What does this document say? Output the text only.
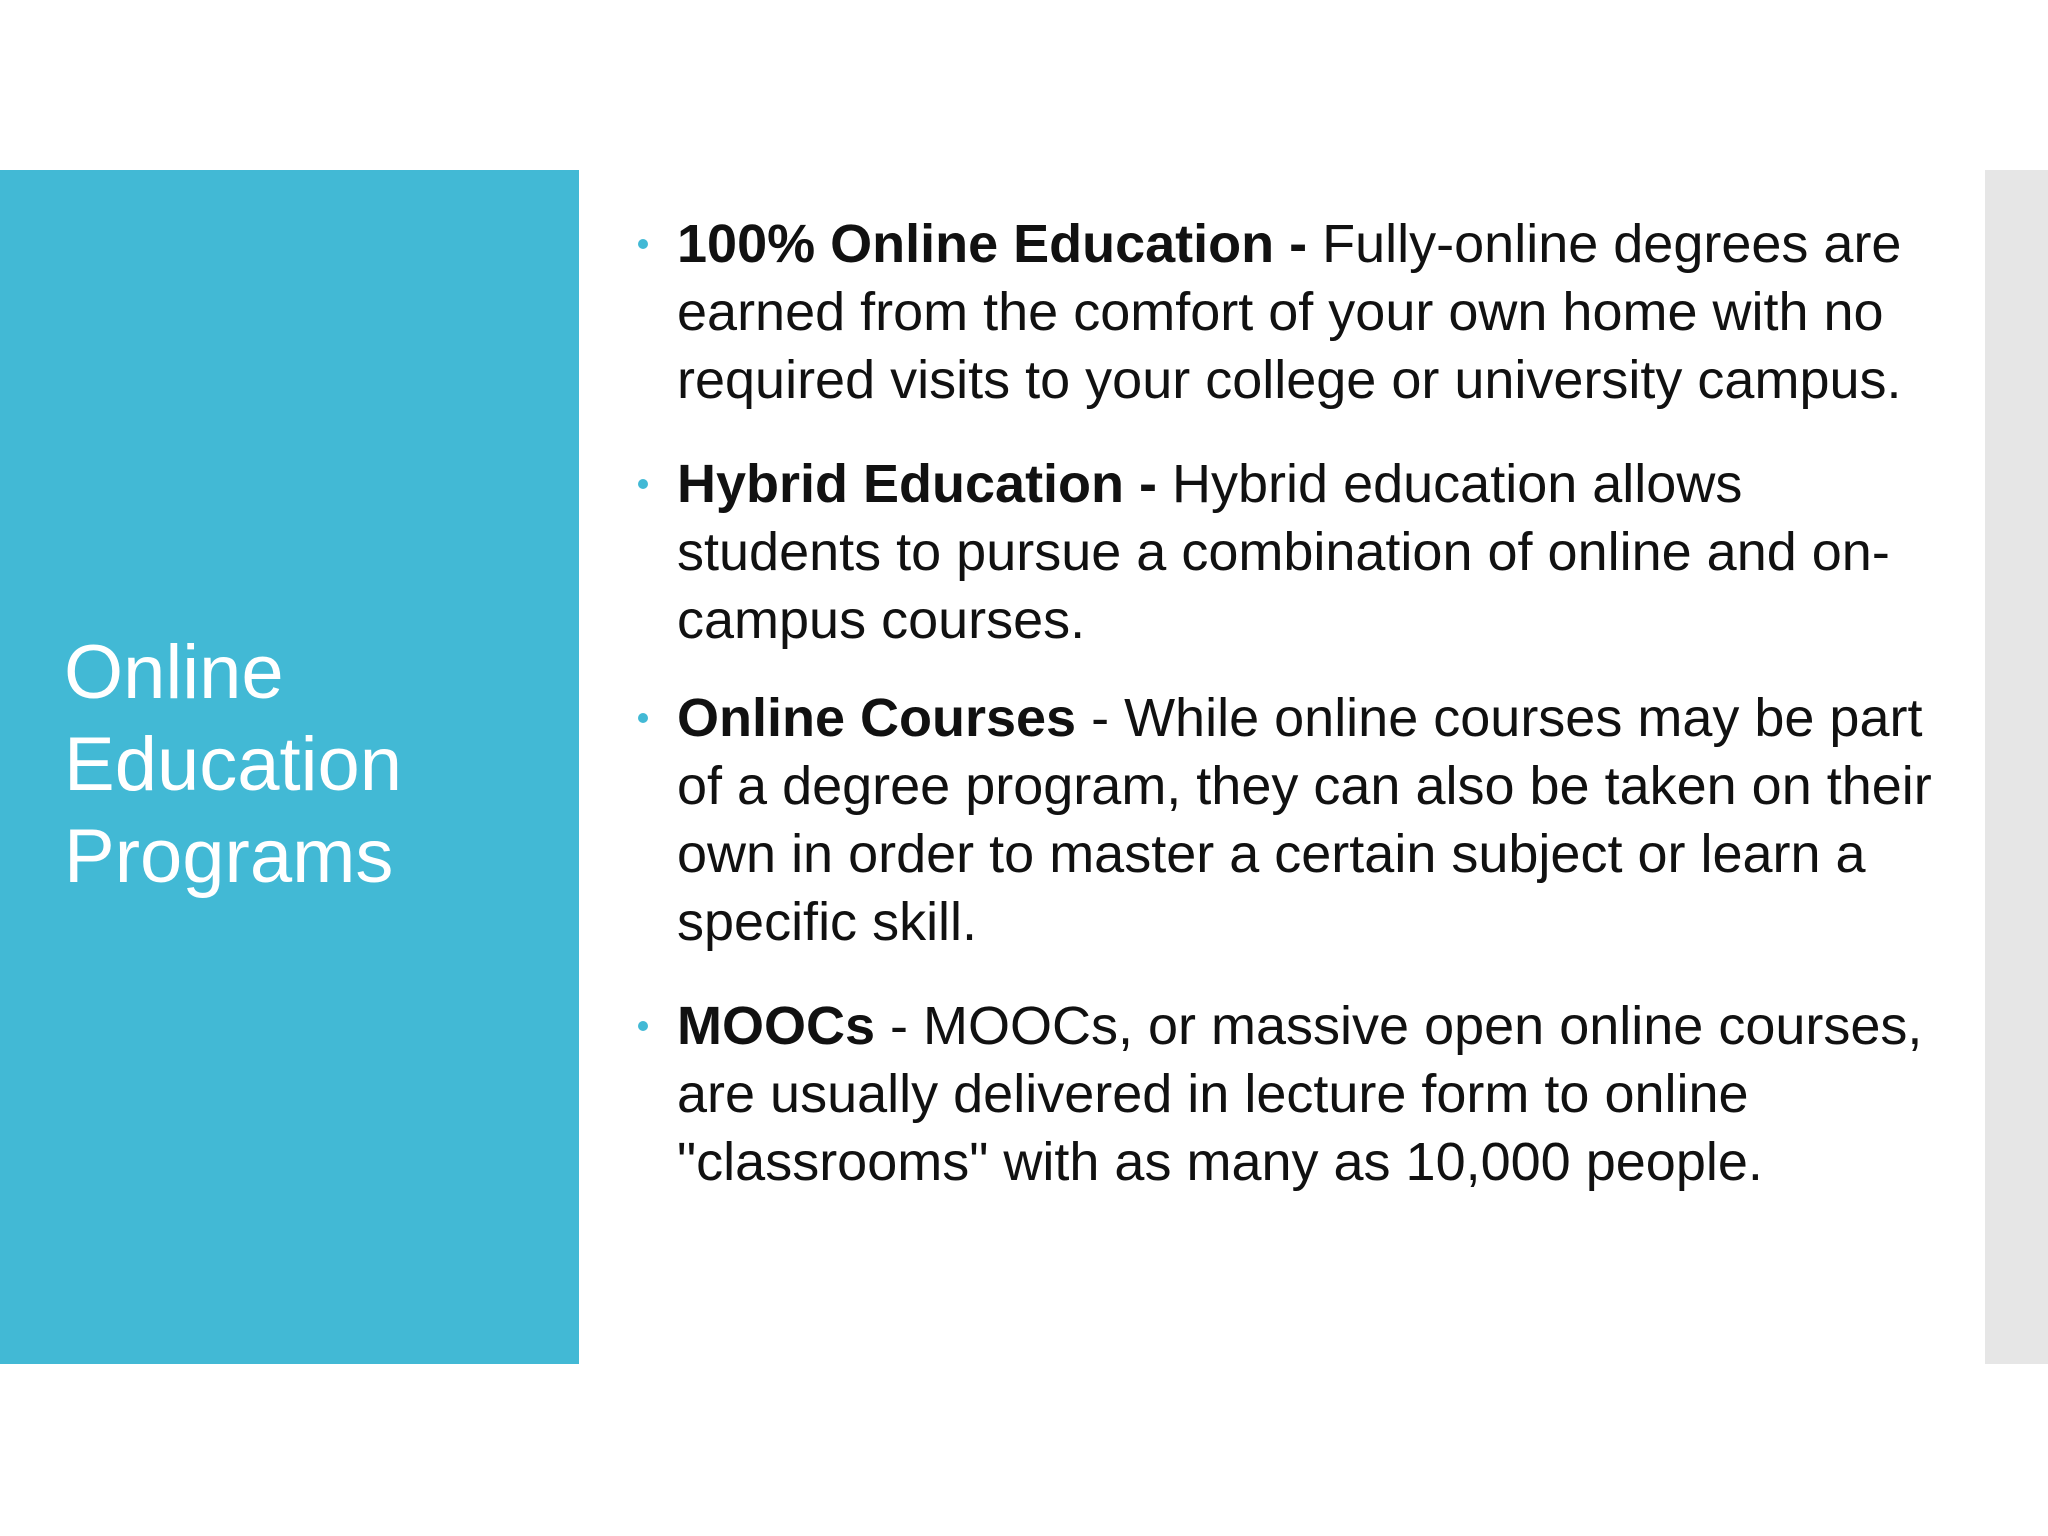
Online
Education
Programs
100% Online Education - Fully-online degrees are earned from the comfort of your own home with no required visits to your college or university campus.
Hybrid Education - Hybrid education allows students to pursue a combination of online and on-campus courses.
Online Courses - While online courses may be part of a degree program, they can also be taken on their own in order to master a certain subject or learn a specific skill.
MOOCs - MOOCs, or massive open online courses, are usually delivered in lecture form to online "classrooms" with as many as 10,000 people.
